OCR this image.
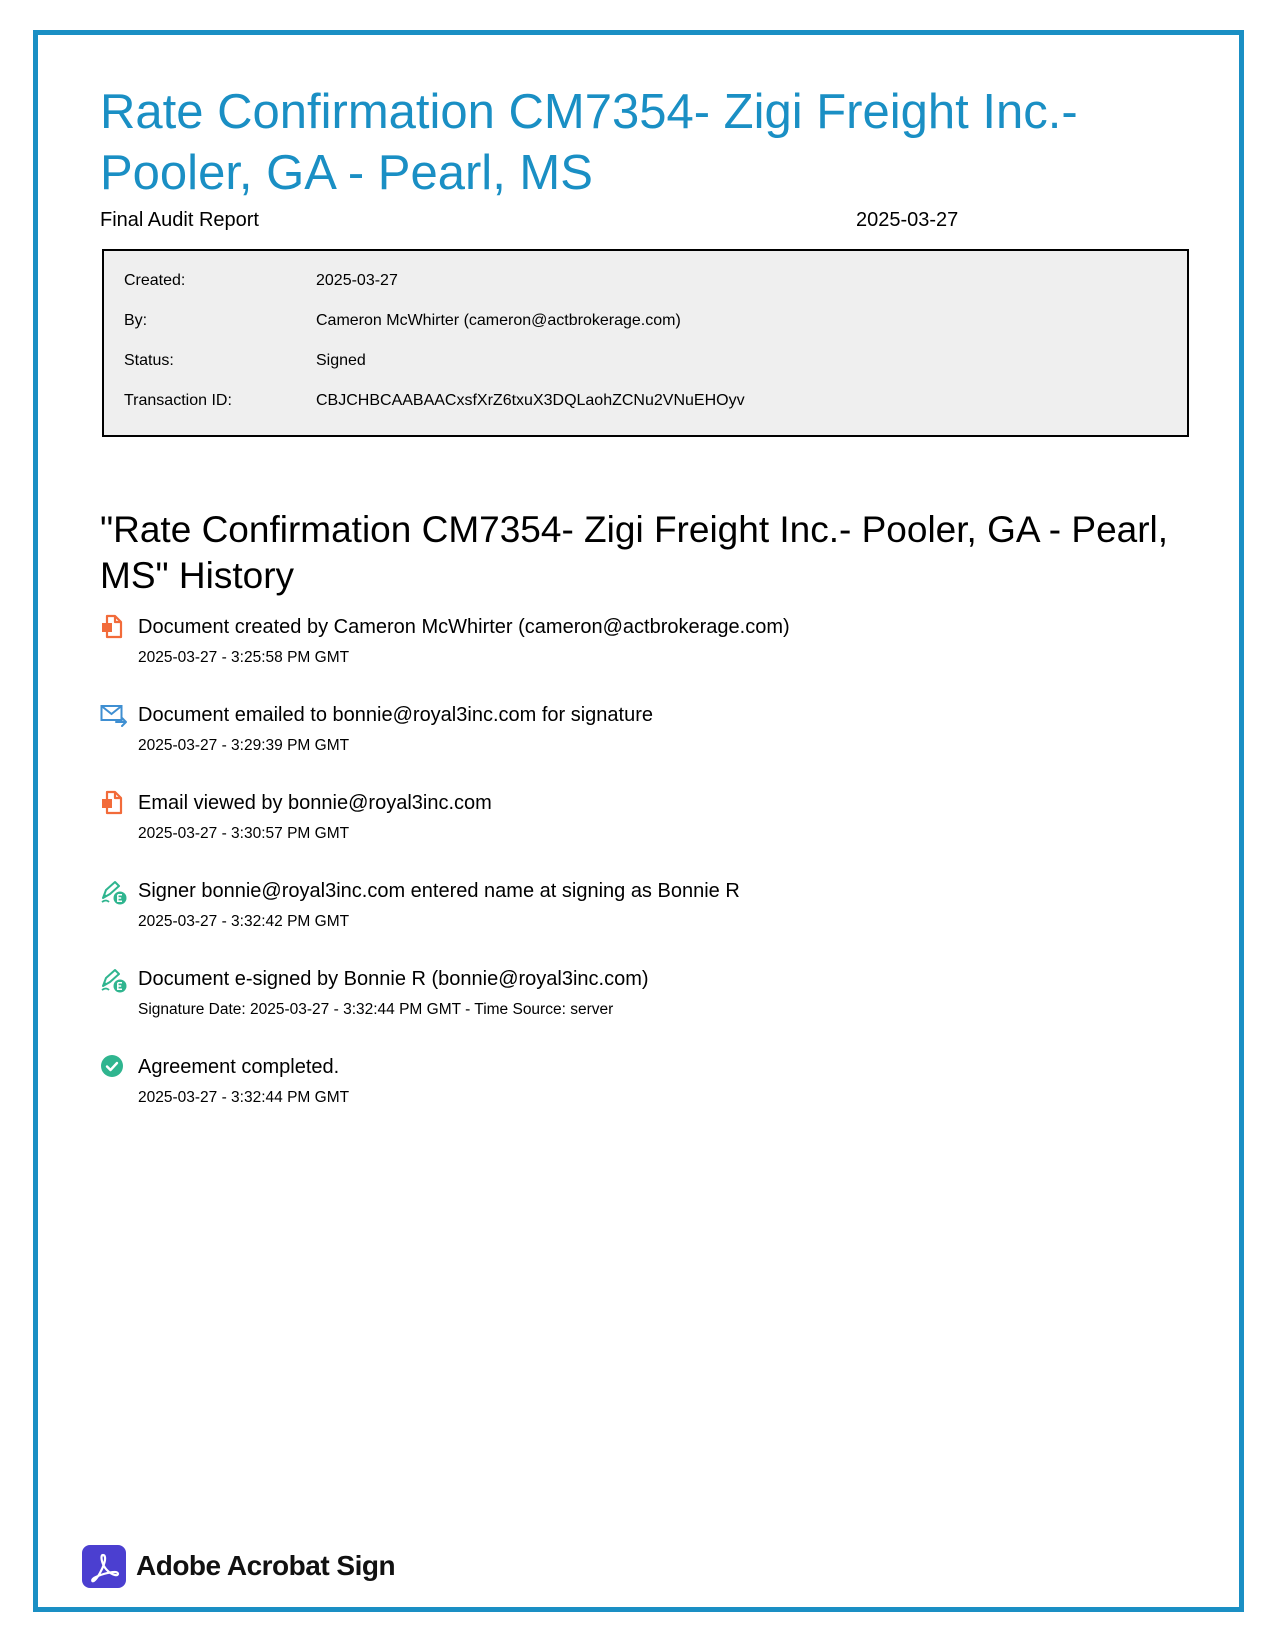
Rate Confirmation CM7354- Zigi Freight Inc.- Pooler, GA - Pearl, MS
Final Audit Report	2025-03-27
Created:	2025-03-27
By:	Cameron McWhirter (cameron@actbrokerage.com)
Status:	Signed
Transaction ID:	CBJCHBCAABAACxsfXrZ6txuX3DQLaohZCNu2VNuEHOyv
"Rate Confirmation CM7354- Zigi Freight Inc.- Pooler, GA - Pearl, MS" History
Document created by Cameron McWhirter (cameron@actbrokerage.com)
2025-03-27 - 3:25:58 PM GMT
Document emailed to bonnie@royal3inc.com for signature
2025-03-27 - 3:29:39 PM GMT
Email viewed by bonnie@royal3inc.com
2025-03-27 - 3:30:57 PM GMT
Signer bonnie@royal3inc.com entered name at signing as Bonnie R
2025-03-27 - 3:32:42 PM GMT
Document e-signed by Bonnie R (bonnie@royal3inc.com)
Signature Date: 2025-03-27 - 3:32:44 PM GMT - Time Source: server
Agreement completed.
2025-03-27 - 3:32:44 PM GMT
Adobe Acrobat Sign
